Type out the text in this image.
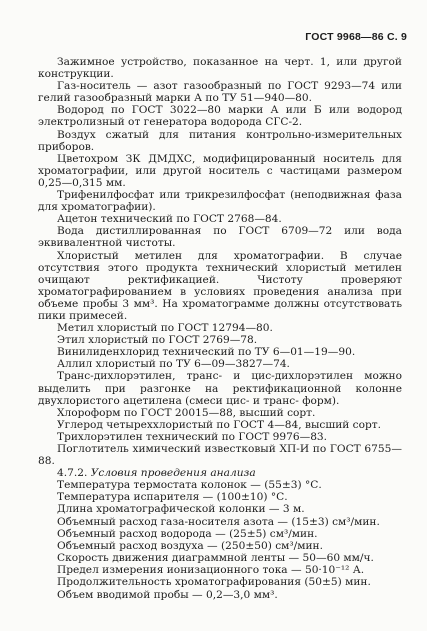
ГОСТ 9968—86 С. 9

Зажимное устройство, показанное на черт. 1, или другой конструкции.

Газ-носитель — азот газообразный по ГОСТ 9293—74 или гелий газообразный марки А по ТУ 51—940—80.

Водород по ГОСТ 3022—80 марки А или Б или водород электролизный от генератора водорода СГС-2.

Воздух сжатый для питания контрольно-измерительных приборов.

Цветохром ЗК ДМДХС, модифицированный носитель для хроматографии, или другой носитель с частицами размером 0,25—0,315 мм.

Трифенилфосфат или трикрезилфосфат (неподвижная фаза для хроматографии).

Ацетон технический по ГОСТ 2768—84.

Вода дистиллированная по ГОСТ 6709—72 или вода эквивалентной чистоты.

Хлористый метилен для хроматографии. В случае отсутствия этого продукта технический хлористый метилен очищают ректификацией. Чистоту проверяют хроматографированием в условиях проведения анализа при объеме пробы 3 мм³. На хроматограмме должны отсутствовать пики примесей.

Метил хлористый по ГОСТ 12794—80.

Этил хлористый по ГОСТ 2769—78.

Винилиденхлорид технический по ТУ 6—01—19—90.

Аллил хлористый по ТУ 6—09—3827—74.

Транс-дихлорэтилен, транс- и цис-дихлорэтилен можно выделить при разгонке на ректификационной колонне двухлористого ацетилена (смеси цис- и транс- форм).

Хлороформ по ГОСТ 20015—88, высший сорт.

Углерод четыреххлористый по ГОСТ 4—84, высший сорт.

Трихлорэтилен технический по ГОСТ 9976—83.

Поглотитель химический известковый ХП-И по ГОСТ 6755—88.

4.7.2. Условия проведения анализа

Температура термостата колонок — (55±3) °С.

Температура испарителя — (100±10) °С.

Длина хроматографической колонки — 3 м.

Объемный расход газа-носителя азота — (15±3) см³/мин.

Объемный расход водорода — (25±5) см³/мин.

Объемный расход воздуха — (250±50) см³/мин.

Скорость движения диаграммной ленты — 50—60 мм/ч.

Предел измерения ионизационного тока — 50·10⁻¹² А.

Продолжительность хроматографирования (50±5) мин.

Объем вводимой пробы — 0,2—3,0 мм³.
